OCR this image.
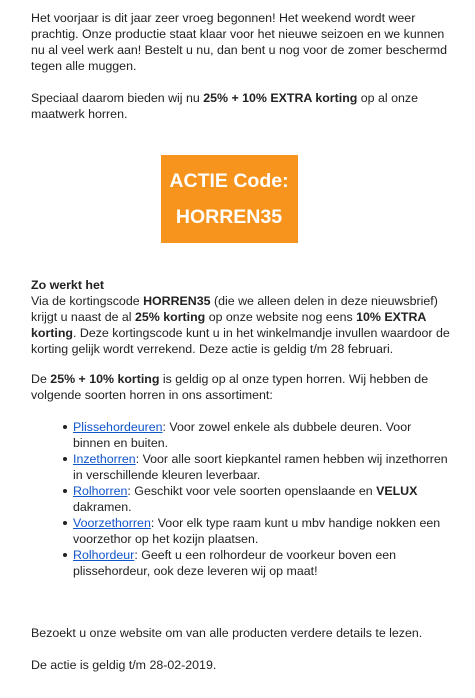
Het voorjaar is dit jaar zeer vroeg begonnen! Het weekend wordt weer prachtig. Onze productie staat klaar voor het nieuwe seizoen en we kunnen nu al veel werk aan! Bestelt u nu, dan bent u nog voor de zomer beschermd tegen alle muggen.

Speciaal daarom bieden wij nu 25% + 10% EXTRA korting op al onze maatwerk horren.

ACTIE Code:
HORREN35
Zo werkt het

Via de kortingscode HORREN35 (die we alleen delen in deze nieuwsbrief) krijgt u naast de al 25% korting op onze website nog eens 10% EXTRA korting. Deze kortingscode kunt u in het winkelmandje invullen waardoor de korting gelijk wordt verrekend. Deze actie is geldig t/m 28 februari.

De 25% + 10% korting is geldig op al onze typen horren. Wij hebben de volgende soorten horren in ons assortiment:

Plissehordeuren: Voor zowel enkele als dubbele deuren. Voor binnen en buiten.
Inzethorren: Voor alle soort kiepkantel ramen hebben wij inzethorren in verschillende kleuren leverbaar.
Rolhorren: Geschikt voor vele soorten openslaande en VELUX dakramen.
Voorzethorren: Voor elk type raam kunt u mbv handige nokken een voorzethor op het kozijn plaatsen.
Rolhordeur: Geeft u een rolhordeur de voorkeur boven een plissehordeur, ook deze leveren wij op maat!

Bezoekt u onze website om van alle producten verdere details te lezen.

De actie is geldig t/m 28-02-2019.
